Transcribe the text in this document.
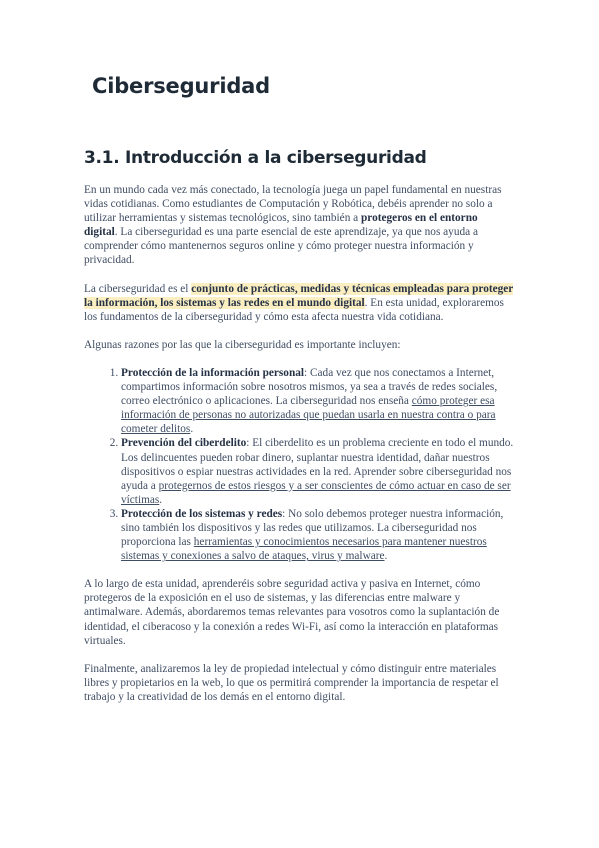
Ciberseguridad
3.1. Introducción a la ciberseguridad

En un mundo cada vez más conectado, la tecnología juega un papel fundamental en nuestras vidas cotidianas. Como estudiantes de Computación y Robótica, debéis aprender no solo a utilizar herramientas y sistemas tecnológicos, sino también a protegeros en el entorno digital. La ciberseguridad es una parte esencial de este aprendizaje, ya que nos ayuda a comprender cómo mantenernos seguros online y cómo proteger nuestra información y privacidad.

La ciberseguridad es el conjunto de prácticas, medidas y técnicas empleadas para proteger la información, los sistemas y las redes en el mundo digital. En esta unidad, exploraremos los fundamentos de la ciberseguridad y cómo esta afecta nuestra vida cotidiana.

Algunas razones por las que la ciberseguridad es importante incluyen:

1. Protección de la información personal: Cada vez que nos conectamos a Internet, compartimos información sobre nosotros mismos, ya sea a través de redes sociales, correo electrónico o aplicaciones. La ciberseguridad nos enseña cómo proteger esa información de personas no autorizadas que puedan usarla en nuestra contra o para cometer delitos.
2. Prevención del ciberdelito: El ciberdelito es un problema creciente en todo el mundo. Los delincuentes pueden robar dinero, suplantar nuestra identidad, dañar nuestros dispositivos o espiar nuestras actividades en la red. Aprender sobre ciberseguridad nos ayuda a protegernos de estos riesgos y a ser conscientes de cómo actuar en caso de ser víctimas.
3. Protección de los sistemas y redes: No solo debemos proteger nuestra información, sino también los dispositivos y las redes que utilizamos. La ciberseguridad nos proporciona las herramientas y conocimientos necesarios para mantener nuestros sistemas y conexiones a salvo de ataques, virus y malware.

A lo largo de esta unidad, aprenderéis sobre seguridad activa y pasiva en Internet, cómo protegeros de la exposición en el uso de sistemas, y las diferencias entre malware y antimalware. Además, abordaremos temas relevantes para vosotros como la suplantación de identidad, el ciberacoso y la conexión a redes Wi-Fi, así como la interacción en plataformas virtuales.

Finalmente, analizaremos la ley de propiedad intelectual y cómo distinguir entre materiales libres y propietarios en la web, lo que os permitirá comprender la importancia de respetar el trabajo y la creatividad de los demás en el entorno digital.
